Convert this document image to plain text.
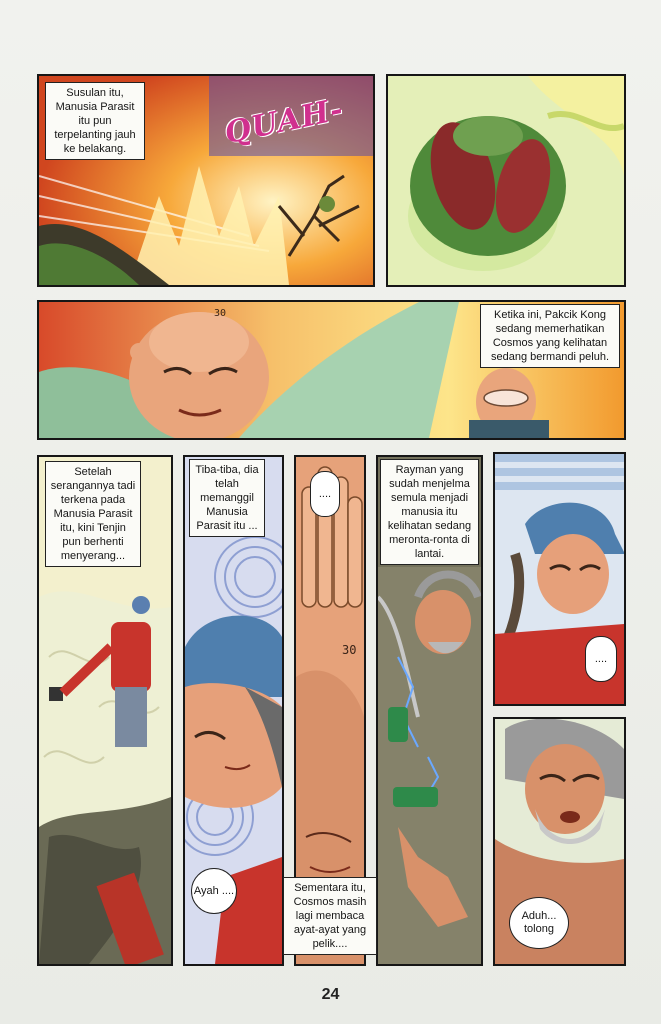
Susulan itu, Manusia Parasit itu pun terpelanting jauh ke belakang.	QUAH-
30	Ketika ini, Pakcik Kong sedang memerhatikan Cosmos yang kelihatan sedang bermandi peluh.
Setelah serangannya tadi terkena pada Manusia Parasit itu, kini Tenjin pun berhenti menyerang...
Tiba-tiba, dia telah memanggil Manusia Parasit itu ...
Ayah ....
....
30
Sementara itu, Cosmos masih lagi membaca ayat-ayat yang pelik....
Rayman yang sudah menjelma semula menjadi manusia itu kelihatan sedang meronta-ronta di lantai.
....
Aduh... tolong
24
